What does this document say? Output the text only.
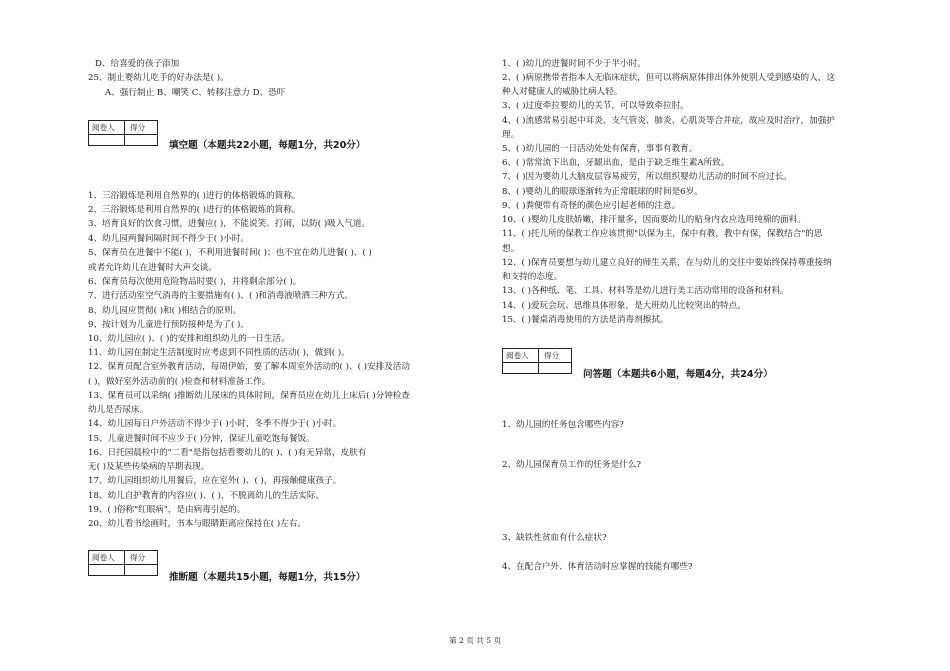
D、给喜爱的孩子添加
25、制止婴幼儿吃手的好办法是( )。
A、强行制止 B、嘲笑 C、转移注意力 D、恐吓
阅卷人 得分
填空题（本题共22小题，每题1分，共20分）
1、三浴锻炼是利用自然界的( )进行的体格锻炼的简称。
2、三浴锻炼是利用自然界的( )进行的体格锻炼的简称。
3、培育良好的饮食习惯，进餐应( )，不能说笑、打闹，以防( )吸入气道。
4、幼儿园两餐间隔时间不得少于( )小时。
5、保育员在进餐中不能( )，不利用进餐时间( )；也不宜在幼儿进餐( )、( )
或者允许幼儿在进餐时大声交谈。
6、保育员每次使用危险物品时要( )，并将剩余部分( )。
7、进行活动室空气消毒的主要措施有( )、( )和消毒液喷洒三种方式。
8、幼儿园应贯彻( )和( )相结合的原则。
9、按计划为儿童进行预防接种是为了( )。
10、幼儿园应( )、( )的安排和组织幼儿的一日生活。
11、幼儿园在制定生活制度时应考虑到不同性质的活动( )，做到( )。
12、保育员配合室外教育活动，每周伊始，要了解本周室外活动的( )、( )安排及活动
( )，做好室外活动前的( )检查和材料准备工作。
13、保育员可以采纳( )推断幼儿尿床的具体时间，保育员应在幼儿上床后( )分钟检查
幼儿是否尿床。
14、幼儿园每日户外活动不得少于( )小时，冬季不得少于( )小时。
15、儿童进餐时间不应少于( )分钟，保证儿童吃饱每餐饭。
16、日托园晨检中的"二看"是指包括看婴幼儿的( )、( )有无异常，皮肤有
无( )及某些传染病的早期表现。
17、幼儿园组织幼儿用餐后，应在室外( )、( )，再接触健康孩子。
18、幼儿自护教育的内容应( )、( )，不脱离幼儿的生活实际。
19、( )俗称"红眼病"，是由病毒引起的。
20、幼儿看书绘画时，书本与眼睛距离应保持在( )左右。
阅卷人 得分
推断题（本题共15小题，每题1分，共15分）
1、( )幼儿的进餐时间不少于半小时。
2、( )病原携带者指本人无临床症状，但可以将病原体排出体外使别人受到感染的人，这
种人对健康人的威胁比病人轻。
3、( )过度牵拉婴幼儿的关节，可以导致牵拉肘。
4、( )流感常易引起中耳炎、支气管炎、肺炎、心肌炎等合并症，故应及时治疗，加强护
理。
5、( )幼儿园的一日活动处处有保育，事事有教育。
6、( )常常流下出血，牙龈出血，是由于缺乏维生素A所致。
7、( )因为婴幼儿大脑皮层容易疲劳，所以组织婴幼儿活动的时间不应过长。
8、( )婴幼儿的眼球逐渐转为正常眼球的时间是6岁。
9、( )粪便带有奇怪的颜色应引起老师的注意。
10、( )婴幼儿皮肤娇嫩，排汗量多，因而要幼儿的贴身内衣应选用纯棉的面料。
11、( )托儿所的保教工作应该贯彻"以保为主，保中有教，教中有保，保教结合"的思
想。
12、( )保育员要想与幼儿建立良好的师生关系，在与幼儿的交往中要始终保持尊重接纳
和支持的态度。
13、( )各种纸、笔、工具、材料等是幼儿进行美工活动常用的设备和材料。
14、( )爱玩会玩、思维具体形象，是大班幼儿比较突出的特点。
15、( )餐桌消毒使用的方法是消毒剂擦拭。
阅卷人 得分
问答题（本题共6小题，每题4分，共24分）
1、幼儿园的任务包含哪些内容?
2、幼儿园保育员工作的任务是什么?
3、缺铁性贫血有什么症状?
4、在配合户外、体育活动时应掌握的技能有哪些?
第 2 页 共 5 页
